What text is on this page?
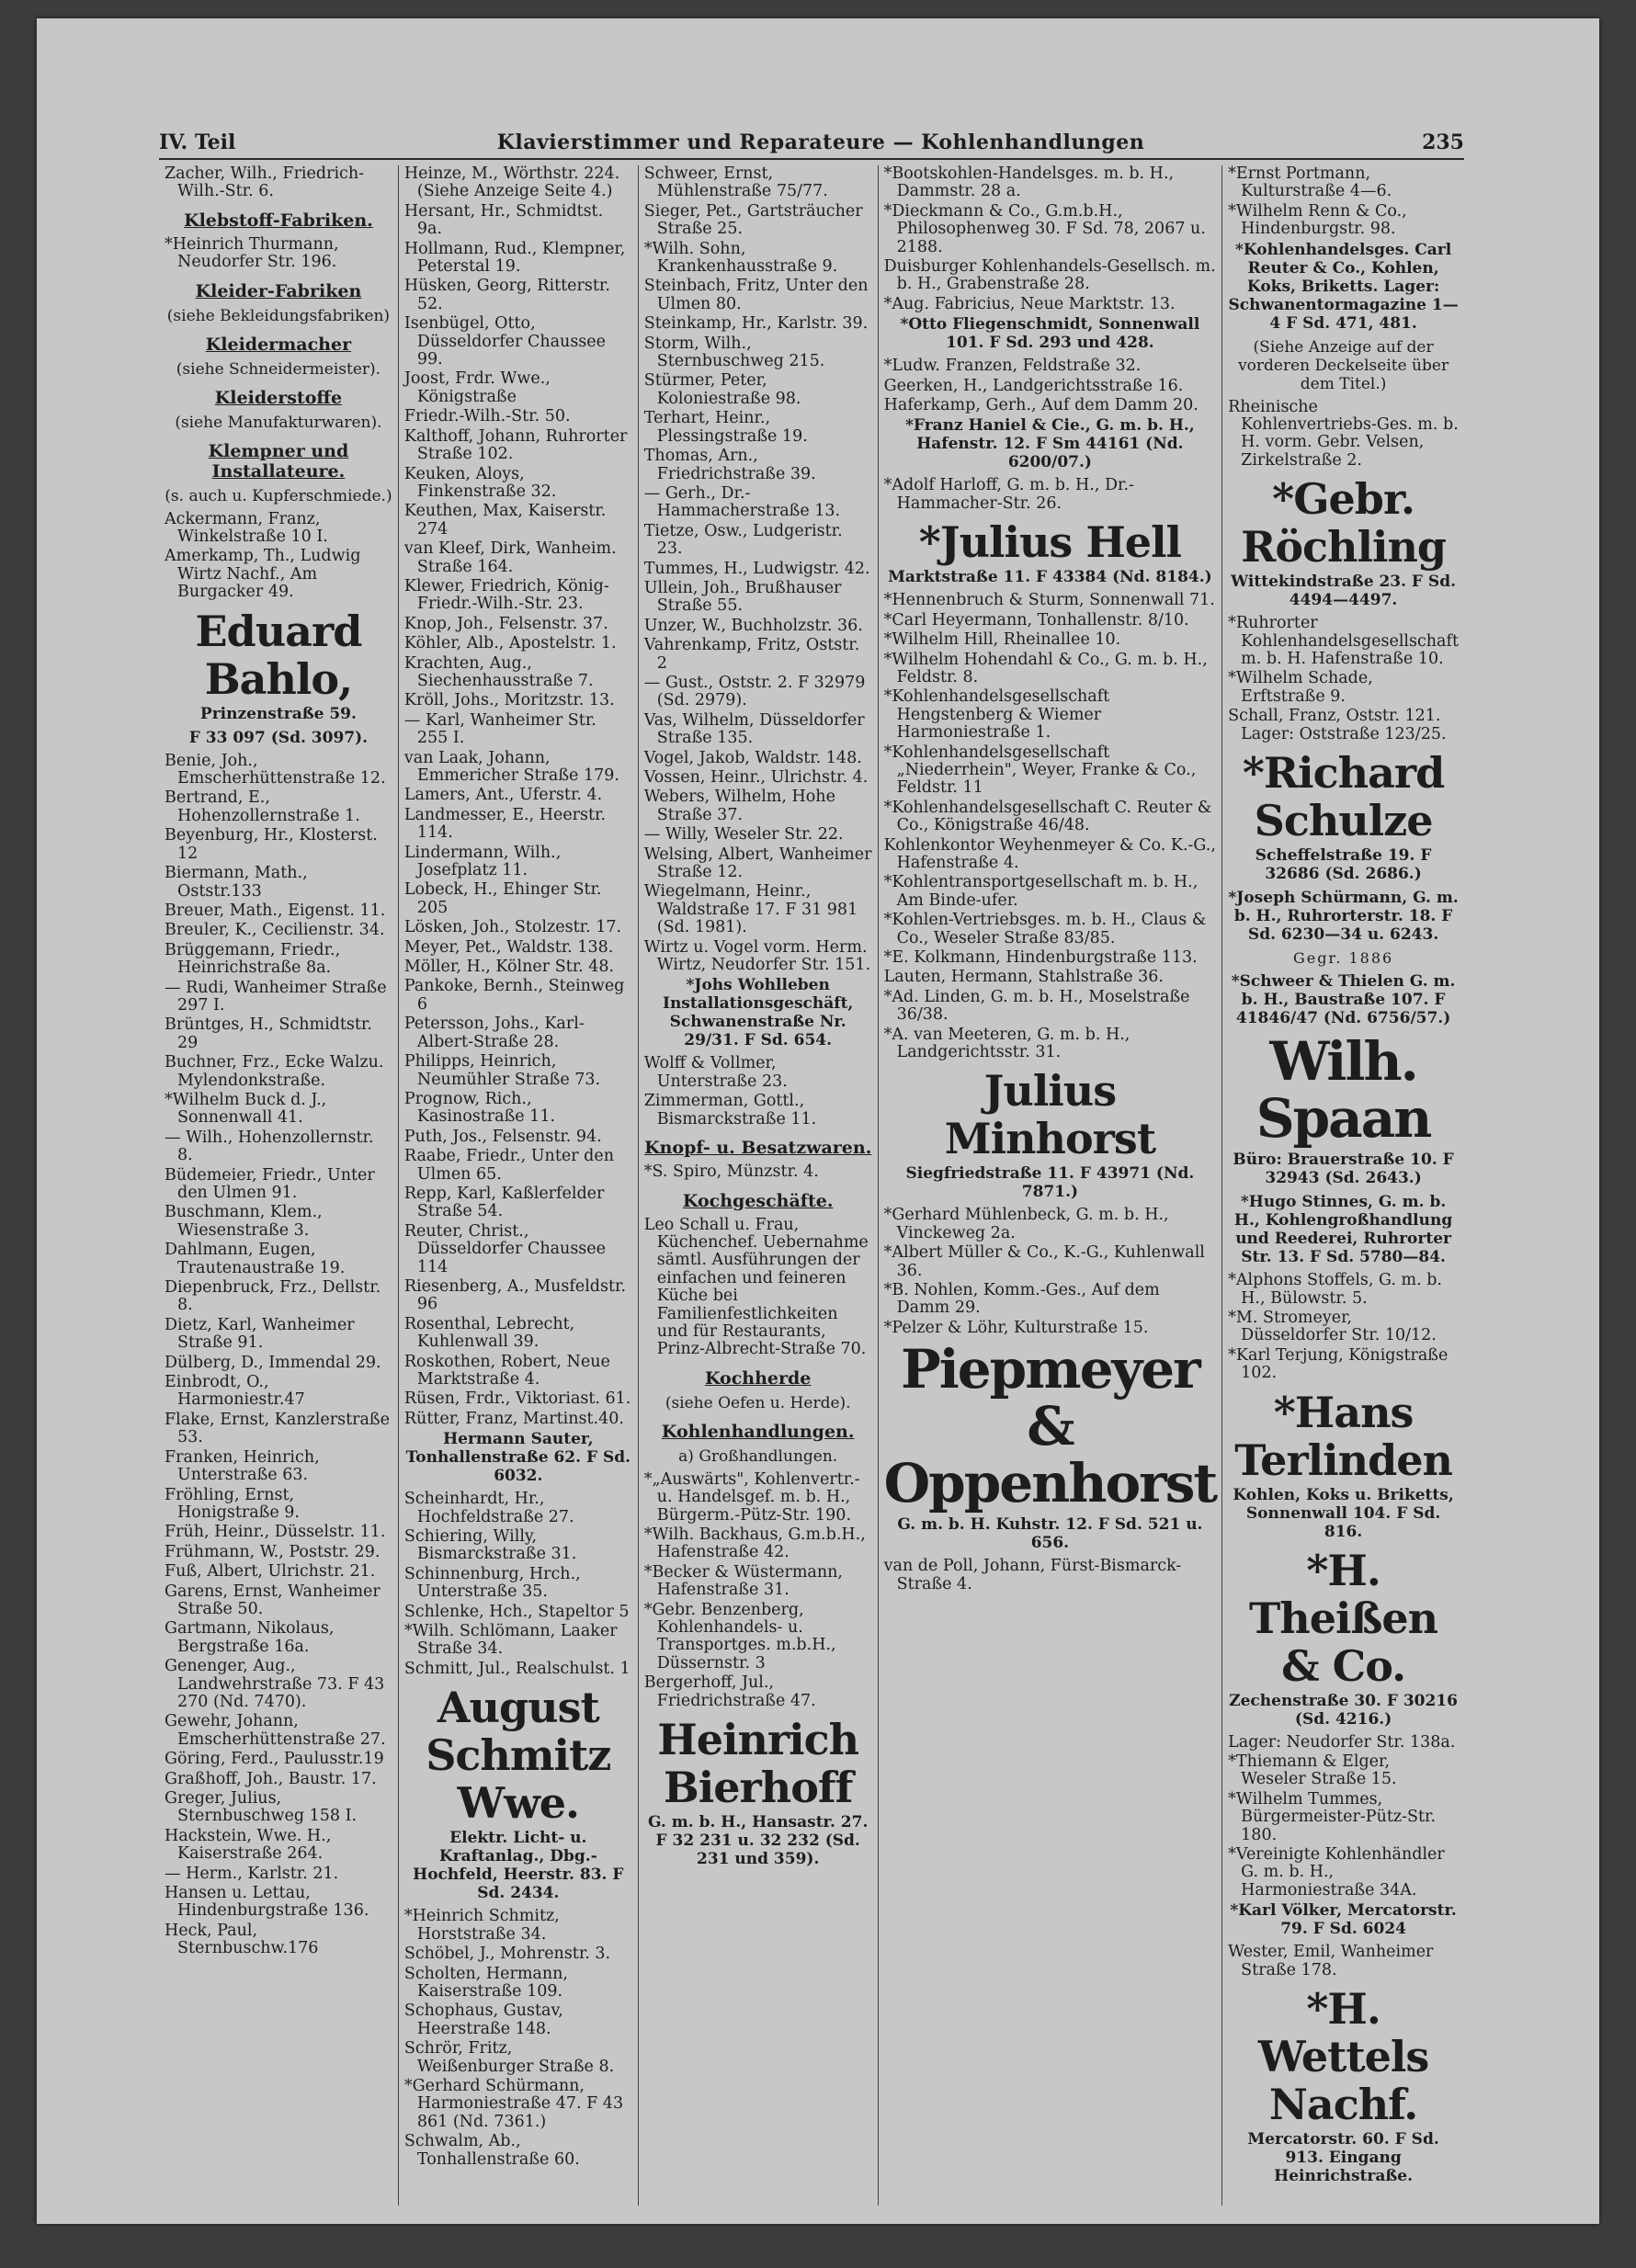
IV. Teil	Klavierstimmer und Reparateure — Kohlenhandlungen	235
Zacher, Wilh., Friedrich-Wilh.-Str. 6.
Klebstoff-Fabriken.
*Heinrich Thurmann, Neudorfer Str. 196.
Kleider-Fabriken
(siehe Bekleidungsfabriken)
Kleidermacher
(siehe Schneidermeister).
Kleiderstoffe
(siehe Manufakturwaren).
Klempner und Installateure.
(s. auch u. Kupferschmiede.)
Ackermann, Franz, Winkelstraße 10 I.
Amerkamp, Th., Ludwig Wirtz Nachf., Am Burgacker 49.
Eduard Bahlo,
Prinzenstraße 59.
F 33 097 (Sd. 3097).
Benie, Joh., Emscherhüttenstraße 12.
Bertrand, E., Hohenzollernstraße 1.
Beyenburg, Hr., Klosterst. 12
Biermann, Math., Oststr.133
Breuer, Math., Eigenst. 11.
Breuler, K., Cecilienstr. 34.
Brüggemann, Friedr., Heinrichstraße 8a.
— Rudi, Wanheimer Straße 297 I.
Brüntges, H., Schmidtstr. 29
Buchner, Frz., Ecke Walzu. Mylendonkstraße.
*Wilhelm Buck d. J., Sonnenwall 41.
— Wilh., Hohenzollernstr. 8.
Büdemeier, Friedr., Unter den Ulmen 91.
Buschmann, Klem., Wiesenstraße 3.
Dahlmann, Eugen, Trautenaustraße 19.
Diepenbruck, Frz., Dellstr. 8.
Dietz, Karl, Wanheimer Straße 91.
Dülberg, D., Immendal 29.
Einbrodt, O., Harmoniestr.47
Flake, Ernst, Kanzlerstraße 53.
Franken, Heinrich, Unterstraße 63.
Fröhling, Ernst, Honigstraße 9.
Früh, Heinr., Düsselstr. 11.
Frühmann, W., Poststr. 29.
Fuß, Albert, Ulrichstr. 21.
Garens, Ernst, Wanheimer Straße 50.
Gartmann, Nikolaus, Bergstraße 16a.
Genenger, Aug., Landwehrstraße 73. F 43 270 (Nd. 7470).
Gewehr, Johann, Emscherhüttenstraße 27.
Göring, Ferd., Paulusstr.19
Graßhoff, Joh., Baustr. 17.
Greger, Julius, Sternbuschweg 158 I.
Hackstein, Wwe. H., Kaiserstraße 264.
— Herm., Karlstr. 21.
Hansen u. Lettau, Hindenburgstraße 136.
Heck, Paul, Sternbuschw.176
Heinze, M., Wörthstr. 224. (Siehe Anzeige Seite 4.)
Hersant, Hr., Schmidtst. 9a.
Hollmann, Rud., Klempner, Peterstal 19.
Hüsken, Georg, Ritterstr. 52.
Isenbügel, Otto, Düsseldorfer Chaussee 99.
Joost, Frdr. Wwe., Königstraße
Friedr.-Wilh.-Str. 50.
Kalthoff, Johann, Ruhrorter Straße 102.
Keuken, Aloys, Finkenstraße 32.
Keuthen, Max, Kaiserstr. 274
van Kleef, Dirk, Wanheim. Straße 164.
Klewer, Friedrich, König-Friedr.-Wilh.-Str. 23.
Knop, Joh., Felsenstr. 37.
Köhler, Alb., Apostelstr. 1.
Krachten, Aug., Siechenhausstraße 7.
Kröll, Johs., Moritzstr. 13.
— Karl, Wanheimer Str. 255 I.
van Laak, Johann, Emmericher Straße 179.
Lamers, Ant., Uferstr. 4.
Landmesser, E., Heerstr. 114.
Lindermann, Wilh., Josefplatz 11.
Lobeck, H., Ehinger Str. 205
Lösken, Joh., Stolzestr. 17.
Meyer, Pet., Waldstr. 138.
Möller, H., Kölner Str. 48.
Pankoke, Bernh., Steinweg 6
Petersson, Johs., Karl-Albert-Straße 28.
Philipps, Heinrich, Neumühler Straße 73.
Prognow, Rich., Kasinostraße 11.
Puth, Jos., Felsenstr. 94.
Raabe, Friedr., Unter den Ulmen 65.
Repp, Karl, Kaßlerfelder Straße 54.
Reuter, Christ., Düsseldorfer Chaussee 114
Riesenberg, A., Musfeldstr. 96
Rosenthal, Lebrecht, Kuhlenwall 39.
Roskothen, Robert, Neue Marktstraße 4.
Rüsen, Frdr., Viktoriast. 61.
Rütter, Franz, Martinst.40.
Hermann Sauter, Tonhallenstraße 62. F Sd. 6032.
Scheinhardt, Hr., Hochfeldstraße 27.
Schiering, Willy, Bismarckstraße 31.
Schinnenburg, Hrch., Unterstraße 35.
Schlenke, Hch., Stapeltor 5
*Wilh. Schlömann, Laaker Straße 34.
Schmitt, Jul., Realschulst. 1
August Schmitz Wwe.
Elektr. Licht- u. Kraftanlag., Dbg.-Hochfeld, Heerstr. 83. F Sd. 2434.
*Heinrich Schmitz, Horststraße 34.
Schöbel, J., Mohrenstr. 3.
Scholten, Hermann, Kaiserstraße 109.
Schophaus, Gustav, Heerstraße 148.
Schrör, Fritz, Weißenburger Straße 8.
*Gerhard Schürmann, Harmoniestraße 47. F 43 861 (Nd. 7361.)
Schwalm, Ab., Tonhallenstraße 60.
Schweer, Ernst, Mühlenstraße 75/77.
Sieger, Pet., Gartsträucher Straße 25.
*Wilh. Sohn, Krankenhausstraße 9.
Steinbach, Fritz, Unter den Ulmen 80.
Steinkamp, Hr., Karlstr. 39.
Storm, Wilh., Sternbuschweg 215.
Stürmer, Peter, Koloniestraße 98.
Terhart, Heinr., Plessingstraße 19.
Thomas, Arn., Friedrichstraße 39.
— Gerh., Dr.-Hammacherstraße 13.
Tietze, Osw., Ludgeristr. 23.
Tummes, H., Ludwigstr. 42.
Ullein, Joh., Brußhauser Straße 55.
Unzer, W., Buchholzstr. 36.
Vahrenkamp, Fritz, Oststr. 2
— Gust., Oststr. 2. F 32979 (Sd. 2979).
Vas, Wilhelm, Düsseldorfer Straße 135.
Vogel, Jakob, Waldstr. 148.
Vossen, Heinr., Ulrichstr. 4.
Webers, Wilhelm, Hohe Straße 37.
— Willy, Weseler Str. 22.
Welsing, Albert, Wanheimer Straße 12.
Wiegelmann, Heinr., Waldstraße 17. F 31 981 (Sd. 1981).
Wirtz u. Vogel vorm. Herm. Wirtz, Neudorfer Str. 151.
*Johs Wohlleben Installationsgeschäft, Schwanenstraße Nr. 29/31. F Sd. 654.
Wolff & Vollmer, Unterstraße 23.
Zimmerman, Gottl., Bismarckstraße 11.
Knopf- u. Besatzwaren.
*S. Spiro, Münzstr. 4.
Kochgeschäfte.
Leo Schall u. Frau, Küchenchef. Uebernahme sämtl. Ausführungen der einfachen und feineren Küche bei Familienfestlichkeiten und für Restaurants, Prinz-Albrecht-Straße 70.
Kochherde
(siehe Oefen u. Herde).
Kohlenhandlungen.
a) Großhandlungen.
*„Auswärts", Kohlenvertr.- u. Handelsgef. m. b. H., Bürgerm.-Pütz-Str. 190.
*Wilh. Backhaus, G.m.b.H., Hafenstraße 42.
*Becker & Wüstermann, Hafenstraße 31.
*Gebr. Benzenberg, Kohlenhandels- u. Transportges. m.b.H., Düssernstr. 3
Bergerhoff, Jul., Friedrichstraße 47.
Heinrich Bierhoff
G. m. b. H., Hansastr. 27. F 32 231 u. 32 232 (Sd. 231 und 359).
*Bootskohlen-Handelsges. m. b. H., Dammstr. 28 a.
*Dieckmann & Co., G.m.b.H., Philosophenweg 30. F Sd. 78, 2067 u. 2188.
Duisburger Kohlenhandels-Gesellsch. m. b. H., Grabenstraße 28.
*Aug. Fabricius, Neue Marktstr. 13.
*Otto Fliegenschmidt, Sonnenwall 101. F Sd. 293 und 428.
*Ludw. Franzen, Feldstraße 32.
Geerken, H., Landgerichtsstraße 16.
Haferkamp, Gerh., Auf dem Damm 20.
*Franz Haniel & Cie., G. m. b. H., Hafenstr. 12. F Sm 44161 (Nd. 6200/07.)
*Adolf Harloff, G. m. b. H., Dr.-Hammacher-Str. 26.
*Julius Hell
Marktstraße 11. F 43384 (Nd. 8184.)
*Hennenbruch & Sturm, Sonnenwall 71.
*Carl Heyermann, Tonhallenstr. 8/10.
*Wilhelm Hill, Rheinallee 10.
*Wilhelm Hohendahl & Co., G. m. b. H., Feldstr. 8.
*Kohlenhandelsgesellschaft Hengstenberg & Wiemer Harmoniestraße 1.
*Kohlenhandelsgesellschaft „Niederrhein", Weyer, Franke & Co., Feldstr. 11
*Kohlenhandelsgesellschaft C. Reuter & Co., Königstraße 46/48.
Kohlenkontor Weyhenmeyer & Co. K.-G., Hafenstraße 4.
*Kohlentransportgesellschaft m. b. H., Am Binde-ufer.
*Kohlen-Vertriebsges. m. b. H., Claus & Co., Weseler Straße 83/85.
*E. Kolkmann, Hindenburgstraße 113.
Lauten, Hermann, Stahlstraße 36.
*Ad. Linden, G. m. b. H., Moselstraße 36/38.
*A. van Meeteren, G. m. b. H., Landgerichtsstr. 31.
Julius Minhorst
Siegfriedstraße 11. F 43971 (Nd. 7871.)
*Gerhard Mühlenbeck, G. m. b. H., Vinckeweg 2a.
*Albert Müller & Co., K.-G., Kuhlenwall 36.
*B. Nohlen, Komm.-Ges., Auf dem Damm 29.
*Pelzer & Löhr, Kulturstraße 15.
Piepmeyer & Oppenhorst
G. m. b. H. Kuhstr. 12. F Sd. 521 u. 656.
van de Poll, Johann, Fürst-Bismarck-Straße 4.
*Ernst Portmann, Kulturstraße 4—6.
*Wilhelm Renn & Co., Hindenburgstr. 98.
*Kohlenhandelsges. Carl Reuter & Co., Kohlen, Koks, Briketts. Lager: Schwanentormagazine 1—4 F Sd. 471, 481.
(Siehe Anzeige auf der vorderen Deckelseite über dem Titel.)
Rheinische Kohlenvertriebs-Ges. m. b. H. vorm. Gebr. Velsen, Zirkelstraße 2.
*Gebr. Röchling
Wittekindstraße 23. F Sd. 4494—4497.
*Ruhrorter Kohlenhandelsgesellschaft m. b. H. Hafenstraße 10.
*Wilhelm Schade, Erftstraße 9.
Schall, Franz, Oststr. 121. Lager: Oststraße 123/25.
*Richard Schulze
Scheffelstraße 19. F 32686 (Sd. 2686.)
*Joseph Schürmann, G. m. b. H., Ruhrorterstr. 18. F Sd. 6230—34 u. 6243.
Gegr. 1886
*Schweer & Thielen G. m. b. H., Baustraße 107. F 41846/47 (Nd. 6756/57.)
Wilh. Spaan
Büro: Brauerstraße 10. F 32943 (Sd. 2643.)
*Hugo Stinnes, G. m. b. H., Kohlengroßhandlung und Reederei, Ruhrorter Str. 13. F Sd. 5780—84.
*Alphons Stoffels, G. m. b. H., Bülowstr. 5.
*M. Stromeyer, Düsseldorfer Str. 10/12.
*Karl Terjung, Königstraße 102.
*Hans Terlinden
Kohlen, Koks u. Briketts, Sonnenwall 104. F Sd. 816.
*H. Theißen & Co.
Zechenstraße 30. F 30216 (Sd. 4216.)
Lager: Neudorfer Str. 138a.
*Thiemann & Elger, Weseler Straße 15.
*Wilhelm Tummes, Bürgermeister-Pütz-Str. 180.
*Vereinigte Kohlenhändler G. m. b. H., Harmoniestraße 34A.
*Karl Völker, Mercatorstr. 79. F Sd. 6024
Wester, Emil, Wanheimer Straße 178.
*H. Wettels Nachf.
Mercatorstr. 60. F Sd. 913. Eingang Heinrichstraße.
